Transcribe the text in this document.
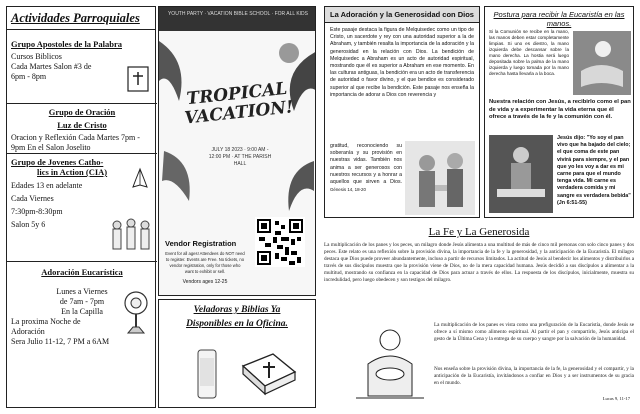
Actividades Parroquiales
Grupo Apostoles de la Palabra
Cursos Biblicos
Cada Martes Salon #3 de
6pm - 8pm
Grupo de Oración
Luz de Cristo
Oracion y Reflexión Cada Martes 7pm -
9pm En el Salon Joselito
Grupo de Jovenes Catho-
lics in Action (CIA)
Edades 13 en adelante
Cada Viernes
7:30pm-8:30pm
Salon 5y 6
Adoración Eucarística
Lunes a Viernes
de 7am - 7pm
En la Capilla
La proxima Noche de
Adoración
Sera Julio 11-12, 7 PM a 6AM
YOUTH PARTY · VACATION BIBLE SCHOOL · FOR ALL KIDS
TROPICAL VACATION!
JULY 18 2023 · 9:00 AM - 12:00 PM · AT THE PARISH HALL
Vendor Registration
Event for all ages! Attendees do NOT need to register. Events are Free. No tickets, no vendor registration, only for those who want to exhibit or sell.
Vendors ages 12-25
Veladoras y Biblias Ya
Disponibles en la Oficina.
La Adoración y la Generosidad con Dios
Este pasaje destaca la figura de Melquisedec como un tipo de Cristo, un sacerdote y rey con una autoridad superior a la de Abraham, y también resalta la importancia de la adoración y la generosidad en la relación con Dios. La bendición de Melquisedec a Abraham es un acto de autoridad espiritual, mostrando que él es superior a Abraham en ese momento. En las culturas antiguas, la bendición era un acto de transferencia de autoridad o favor divino, y el que bendice es considerado superior al que recibe la bendición. Este pasaje nos enseña la importancia de adorar a Dios con reverencia y
gratitud, reconociendo su soberanía y su provisión en nuestras vidas. También nos anima a ser generosos con nuestros recursos y a honrar a aquellos que sirven a Dios. Génesis 14, 18-20
Postura para recibir la Eucaristía en las manos.
Si la Comunión se recibe en la mano, las manos deben estar completamente limpias. Si uno es diestro, la mano izquierda debe descansar sobre la mano derecha. La hostia será luego depositada sobre la palma de la mano izquierda y luego tomada por la mano derecha hasta llevarla a la boca.
Nuestra relación con Jesús, a recibirlo como el pan de vida y a experimentar la vida eterna que él ofrece a través de la fe y la comunión con él.
Jesús dijo: "Yo soy el pan vivo que ha bajado del cielo; el que coma de este pan vivirá para siempre, y el pan que yo les voy a dar es mi carne para que el mundo tenga vida. Mi carne es verdadera comida y mi sangre es verdadera bebida" (Jn 6:51-55)
La Fe y La Generosida
La multiplicación de los panes y los peces, un milagro donde Jesús alimenta a una multitud de más de cinco mil personas con solo cinco panes y dos peces. Este relato es una reflexión sobre la provisión divina, la importancia de la fe y la generosidad, y la anticipación de la Eucaristía. El milagro destaca que Dios puede proveer abundantemente, incluso a partir de recursos limitados. La actitud de Jesús al bendecir los alimentos y distribuirlos a través de sus discípulos muestra que la provisión viene de Dios, no de la mera capacidad humana. Jesús decidió a sus discípulos a alimentar a la multitud, mostrando su confianza en la capacidad de Dios para actuar a través de ellos. La respuesta de los discípulos, inicialmente, muestra su incredulidad, pero luego obedecen y son testigos del milagro.
La multiplicación de los panes es vista como una prefiguración de la Eucaristía, donde Jesús se ofrece a sí mismo como alimento espiritual. Al partir el pan y compartirlo, Jesús anticipa el gesto de la Última Cena y la entrega de su cuerpo y sangre por la salvación de la humanidad.
Nos enseña sobre la provisión divina, la importancia de la fe, la generosidad y el compartir, y la anticipación de la Eucaristía, invitándonos a confiar en Dios y a ser instrumentos de su gracia en el mundo.
Lucas 9, 11-17
